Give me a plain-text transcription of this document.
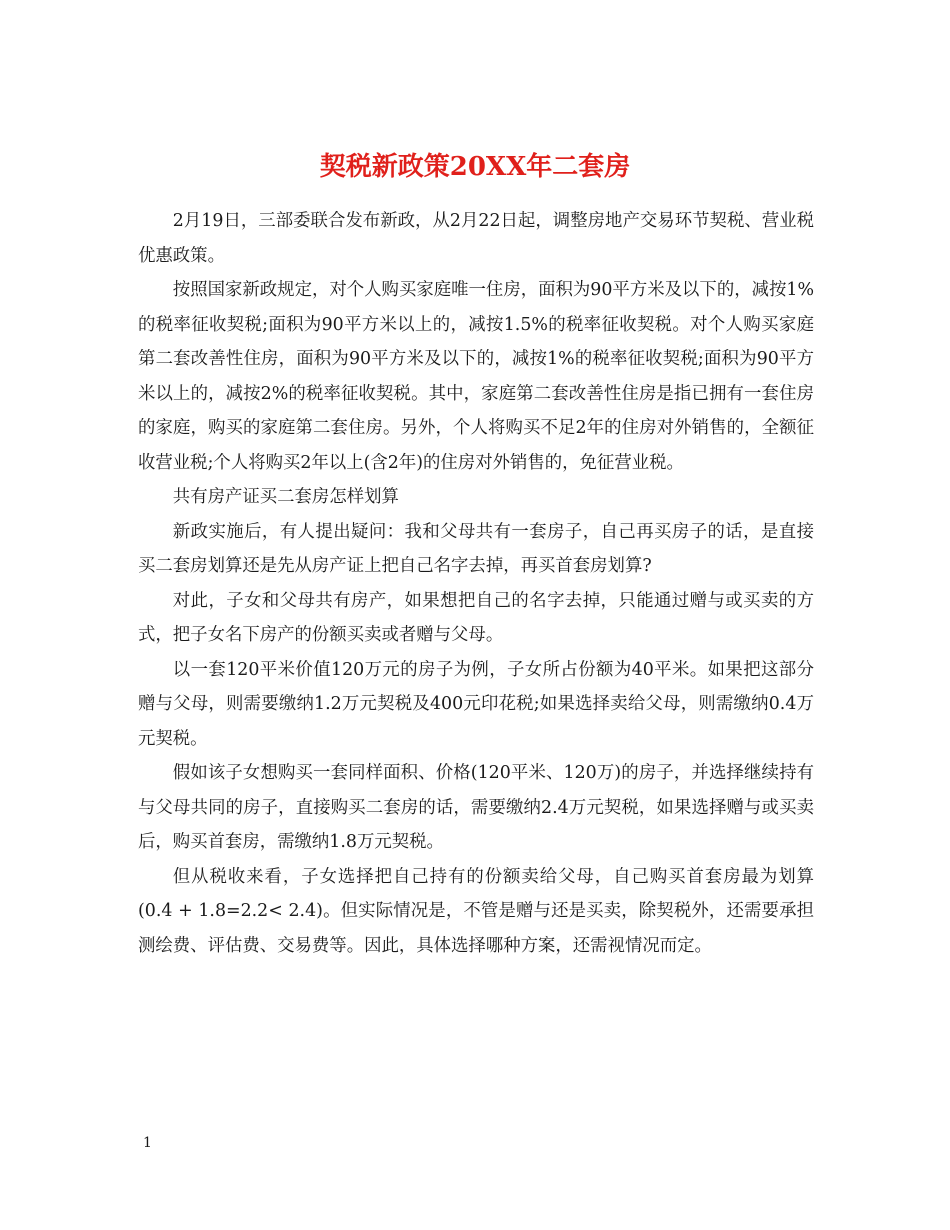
契税新政策20XX年二套房

2月19日，三部委联合发布新政，从2月22日起，调整房地产交易环节契税、营业税优惠政策。

按照国家新政规定，对个人购买家庭唯一住房，面积为90平方米及以下的，减按1%的税率征收契税;面积为90平方米以上的，减按1.5%的税率征收契税。对个人购买家庭第二套改善性住房，面积为90平方米及以下的，减按1%的税率征收契税;面积为90平方米以上的，减按2%的税率征收契税。其中，家庭第二套改善性住房是指已拥有一套住房的家庭，购买的家庭第二套住房。另外，个人将购买不足2年的住房对外销售的，全额征收营业税;个人将购买2年以上(含2年)的住房对外销售的，免征营业税。

共有房产证买二套房怎样划算

新政实施后，有人提出疑问：我和父母共有一套房子，自己再买房子的话，是直接买二套房划算还是先从房产证上把自己名字去掉，再买首套房划算?

对此，子女和父母共有房产，如果想把自己的名字去掉，只能通过赠与或买卖的方式，把子女名下房产的份额买卖或者赠与父母。

以一套120平米价值120万元的房子为例，子女所占份额为40平米。如果把这部分赠与父母，则需要缴纳1.2万元契税及400元印花税;如果选择卖给父母，则需缴纳0.4万元契税。

假如该子女想购买一套同样面积、价格(120平米、120万)的房子，并选择继续持有与父母共同的房子，直接购买二套房的话，需要缴纳2.4万元契税，如果选择赠与或买卖后，购买首套房，需缴纳1.8万元契税。

但从税收来看，子女选择把自己持有的份额卖给父母，自己购买首套房最为划算(0.4 + 1.8=2.2< 2.4)。但实际情况是，不管是赠与还是买卖，除契税外，还需要承担测绘费、评估费、交易费等。因此，具体选择哪种方案，还需视情况而定。

1
